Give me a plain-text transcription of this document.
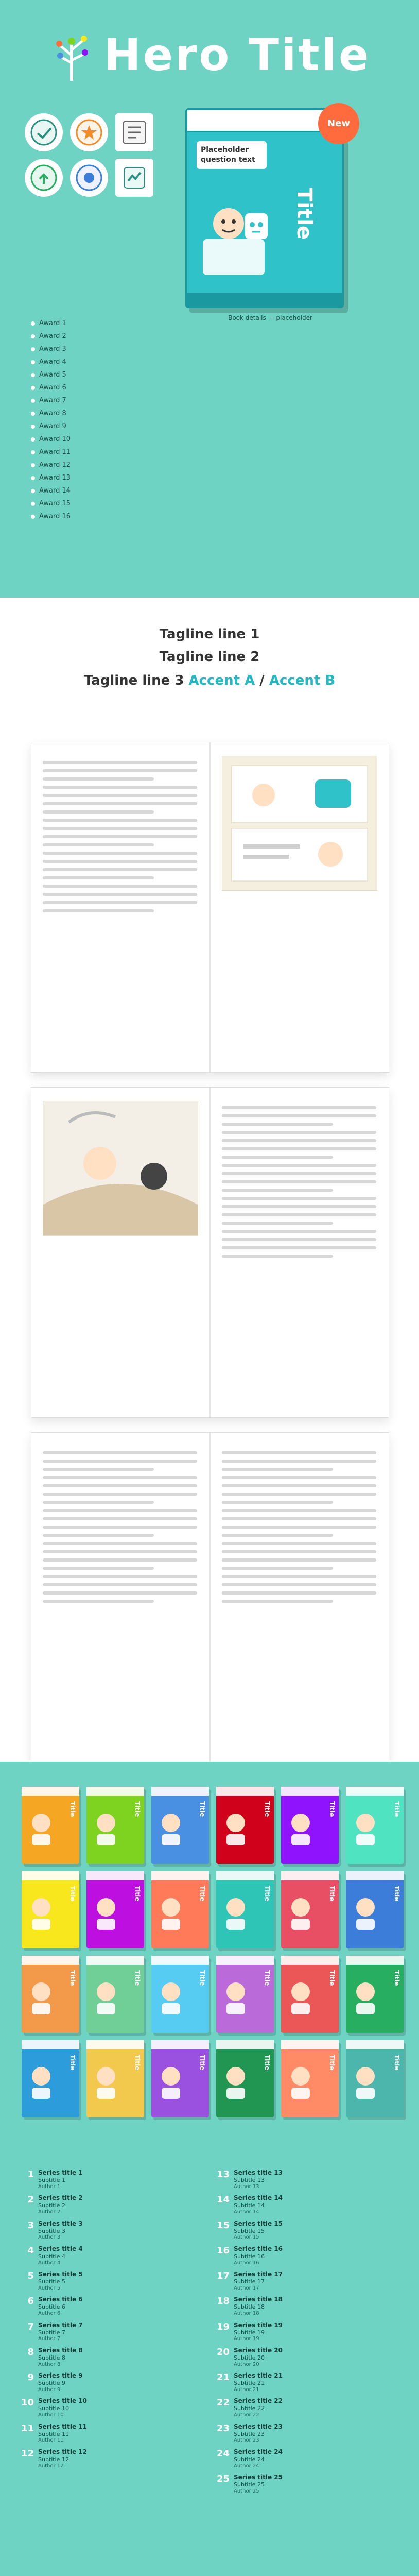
Hero Title
Placeholder question text
Title
New
Book details — placeholder
Award 1
Award 2
Award 3
Award 4
Award 5
Award 6
Award 7
Award 8
Award 9
Award 10
Award 11
Award 12
Award 13
Award 14
Award 15
Award 16
Tagline line 1
Tagline line 2
Tagline line 3 Accent A / Accent B
Title	Title	Title	Title	Title	Title
Title	Title	Title	Title	Title	Title
Title	Title	Title	Title	Title	Title
Title	Title	Title	Title	Title	Title
1 Series title 1
Subtitle 1
Author 1
2 Series title 2
Subtitle 2
Author 2
3 Series title 3
Subtitle 3
Author 3
4 Series title 4
Subtitle 4
Author 4
5 Series title 5
Subtitle 5
Author 5
6 Series title 6
Subtitle 6
Author 6
7 Series title 7
Subtitle 7
Author 7
8 Series title 8
Subtitle 8
Author 8
9 Series title 9
Subtitle 9
Author 9
10 Series title 10
Subtitle 10
Author 10
11 Series title 11
Subtitle 11
Author 11
12 Series title 12
Subtitle 12
Author 12
13 Series title 13
Subtitle 13
Author 13
14 Series title 14
Subtitle 14
Author 14
15 Series title 15
Subtitle 15
Author 15
16 Series title 16
Subtitle 16
Author 16
17 Series title 17
Subtitle 17
Author 17
18 Series title 18
Subtitle 18
Author 18
19 Series title 19
Subtitle 19
Author 19
20 Series title 20
Subtitle 20
Author 20
21 Series title 21
Subtitle 21
Author 21
22 Series title 22
Subtitle 22
Author 22
23 Series title 23
Subtitle 23
Author 23
24 Series title 24
Subtitle 24
Author 24
25 Series title 25
Subtitle 25
Author 25
